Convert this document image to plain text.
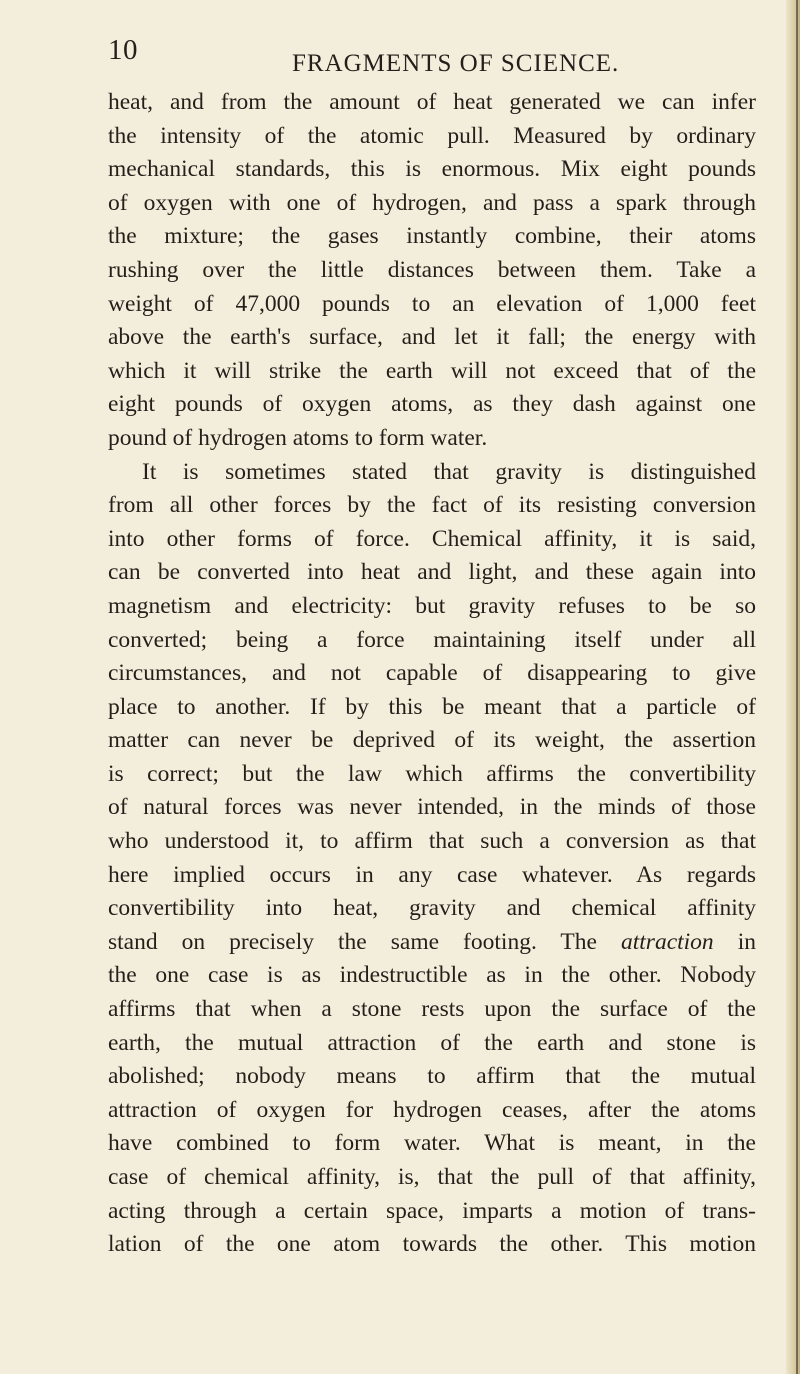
10	FRAGMENTS OF SCIENCE.
heat, and from the amount of heat generated we can infer
the intensity of the atomic pull. Measured by ordinary
mechanical standards, this is enormous. Mix eight pounds
of oxygen with one of hydrogen, and pass a spark through
the mixture; the gases instantly combine, their atoms
rushing over the little distances between them. Take a
weight of 47,000 pounds to an elevation of 1,000 feet
above the earth's surface, and let it fall; the energy with
which it will strike the earth will not exceed that of the
eight pounds of oxygen atoms, as they dash against one
pound of hydrogen atoms to form water.
It is sometimes stated that gravity is distinguished
from all other forces by the fact of its resisting conversion
into other forms of force. Chemical affinity, it is said,
can be converted into heat and light, and these again into
magnetism and electricity: but gravity refuses to be so
converted; being a force maintaining itself under all
circumstances, and not capable of disappearing to give
place to another. If by this be meant that a particle of
matter can never be deprived of its weight, the assertion
is correct; but the law which affirms the convertibility
of natural forces was never intended, in the minds of those
who understood it, to affirm that such a conversion as that
here implied occurs in any case whatever. As regards
convertibility into heat, gravity and chemical affinity
stand on precisely the same footing. The attraction in
the one case is as indestructible as in the other. Nobody
affirms that when a stone rests upon the surface of the
earth, the mutual attraction of the earth and stone is
abolished; nobody means to affirm that the mutual
attraction of oxygen for hydrogen ceases, after the atoms
have combined to form water. What is meant, in the
case of chemical affinity, is, that the pull of that affinity,
acting through a certain space, imparts a motion of trans-
lation of the one atom towards the other. This motion
